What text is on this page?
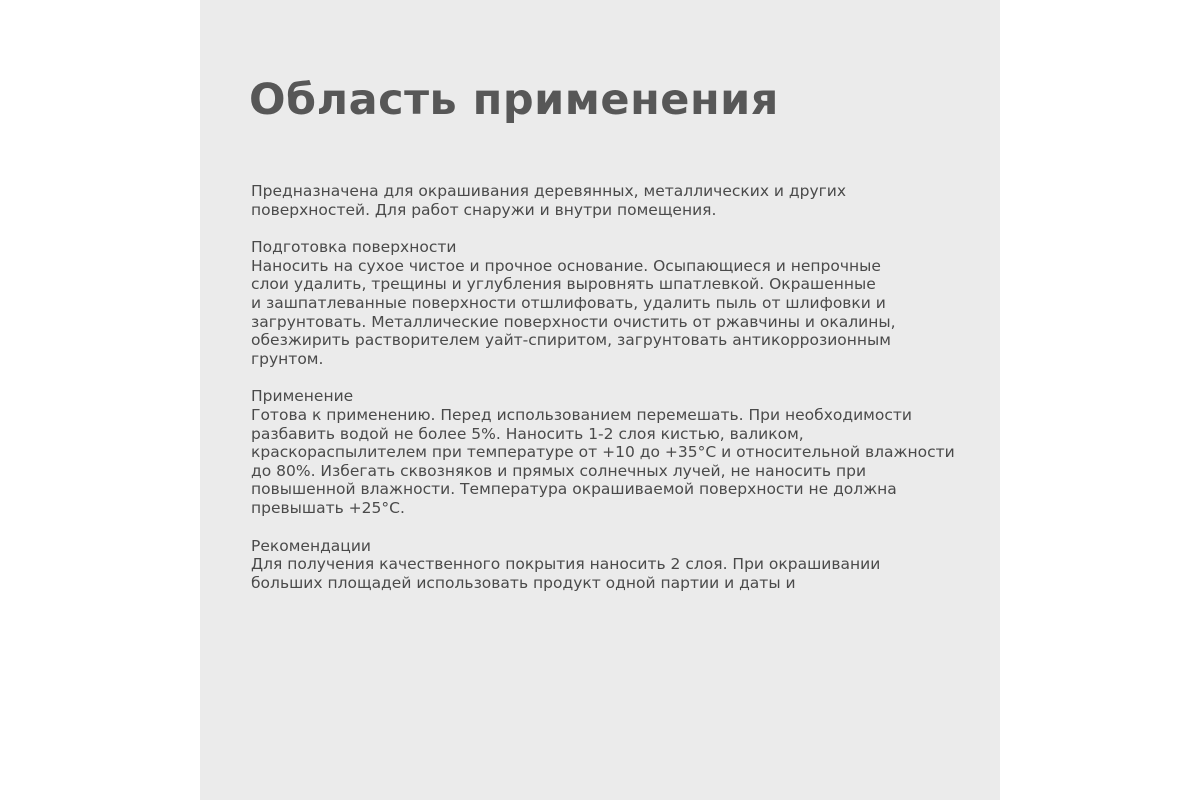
Область применения
Предназначена для окрашивания деревянных, металлических и других
поверхностей. Для работ снаружи и внутри помещения.
Подготовка поверхности
Наносить на сухое чистое и прочное основание. Осыпающиеся и непрочные
слои удалить, трещины и углубления выровнять шпатлевкой. Окрашенные
и зашпатлеванные поверхности отшлифовать, удалить пыль от шлифовки и
загрунтовать. Металлические поверхности очистить от ржавчины и окалины,
обезжирить растворителем уайт-спиритом, загрунтовать антикоррозионным
грунтом.
Применение
Готова к применению. Перед использованием перемешать. При необходимости
разбавить водой не более 5%. Наносить 1-2 слоя кистью, валиком,
краскораспылителем при температуре от +10 до +35°С и относительной влажности
до 80%. Избегать сквозняков и прямых солнечных лучей, не наносить при
повышенной влажности. Температура окрашиваемой поверхности не должна
превышать +25°С.
Рекомендации
Для получения качественного покрытия наносить 2 слоя. При окрашивании
больших площадей использовать продукт одной партии и даты и
